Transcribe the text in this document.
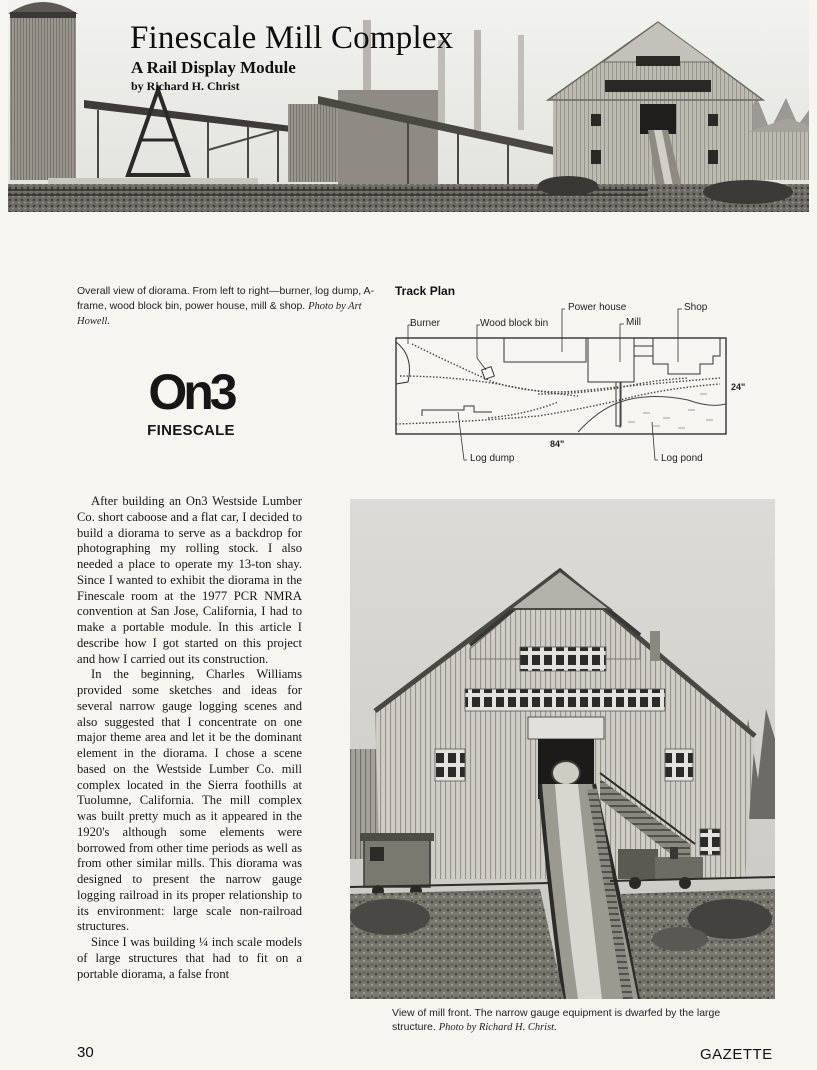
Finescale Mill Complex
A Rail Display Module
by Richard H. Christ
Overall view of diorama. From left to right—burner, log dump, A- frame, wood block bin, power house, mill & shop. Photo by Art Howell.
On3
FINESCALE
Track Plan
Burner	Wood block bin
Power house
Mill
Shop
Log dump	Log pond
24"
84"

After building an On3 Westside Lumber Co. short caboose and a flat car, I decided to build a diorama to serve as a backdrop for photographing my rolling stock. I also needed a place to operate my 13-ton shay. Since I wanted to exhibit the diorama in the Finescale room at the 1977 PCR NMRA convention at San Jose, California, I had to make a portable module. In this article I describe how I got started on this project and how I carried out its construction.

In the beginning, Charles Williams provided some sketches and ideas for several narrow gauge logging scenes and also suggested that I concentrate on one major theme area and let it be the dominant element in the diorama. I chose a scene based on the Westside Lumber Co. mill complex located in the Sierra foothills at Tuolumne, California. The mill complex was built pretty much as it appeared in the 1920's although some elements were borrowed from other time periods as well as from other similar mills. This diorama was designed to present the narrow gauge logging railroad in its proper relationship to its environment: large scale non-railroad structures.

Since I was building ¼ inch scale models of large structures that had to fit on a portable diorama, a false front

View of mill front. The narrow gauge equipment is dwarfed by the large structure. Photo by Richard H. Christ.
30	GAZETTE
